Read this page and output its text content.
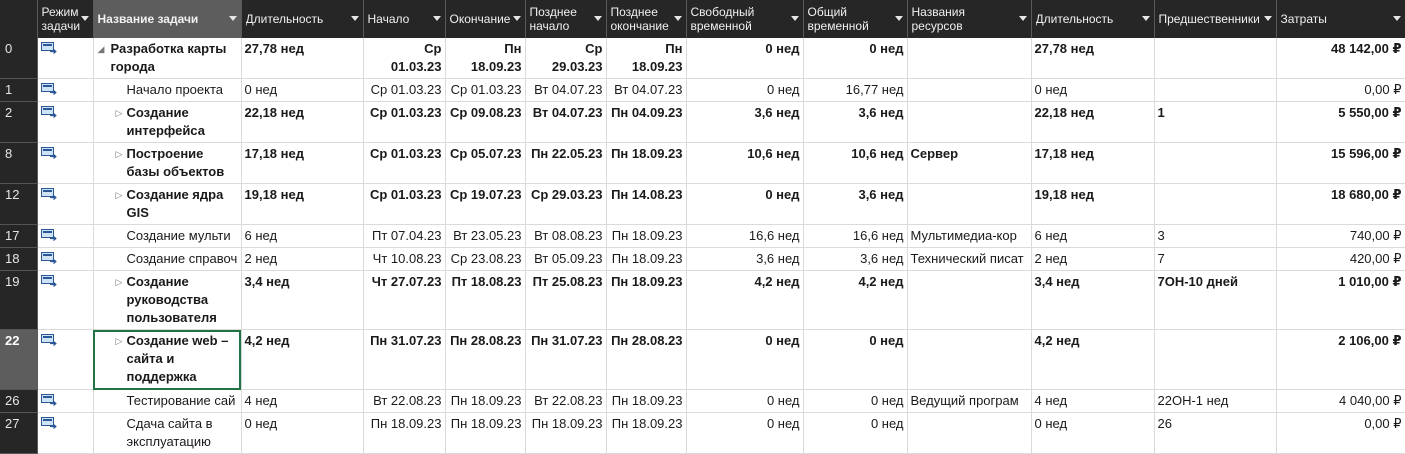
	Режим задачи	Название задачи	Длительность	Начало	Окончание	Позднее начало	Позднее окончание	Свободный временной	Общий временной	Названия ресурсов	Длительность	Предшественники	Затраты

0		◢ Разработка карты города	27,78 нед	Ср 01.03.23	Пн 18.09.23	Ср 29.03.23	Пн 18.09.23	0 нед	0 нед		27,78 нед		48 142,00 ₽
1		Начало проекта	0 нед	Ср 01.03.23	Ср 01.03.23	Вт 04.07.23	Вт 04.07.23	0 нед	16,77 нед		0 нед		0,00 ₽
2		▷ Создание интерфейса	22,18 нед	Ср 01.03.23	Ср 09.08.23	Вт 04.07.23	Пн 04.09.23	3,6 нед	3,6 нед		22,18 нед	1	5 550,00 ₽
8		▷ Построение базы объектов	17,18 нед	Ср 01.03.23	Ср 05.07.23	Пн 22.05.23	Пн 18.09.23	10,6 нед	10,6 нед	Сервер	17,18 нед		15 596,00 ₽
12		▷ Создание ядра GIS	19,18 нед	Ср 01.03.23	Ср 19.07.23	Ср 29.03.23	Пн 14.08.23	0 нед	3,6 нед		19,18 нед		18 680,00 ₽
17		Создание мульти	6 нед	Пт 07.04.23	Вт 23.05.23	Вт 08.08.23	Пн 18.09.23	16,6 нед	16,6 нед	Мультимедиа-кор	6 нед	3	740,00 ₽
18		Создание справоч	2 нед	Чт 10.08.23	Ср 23.08.23	Вт 05.09.23	Пн 18.09.23	3,6 нед	3,6 нед	Технический писат	2 нед	7	420,00 ₽
19		▷ Создание руководства пользователя	3,4 нед	Чт 27.07.23	Пт 18.08.23	Пт 25.08.23	Пн 18.09.23	4,2 нед	4,2 нед		3,4 нед	7ОН-10 дней	1 010,00 ₽
22		▷ Создание web – сайта и поддержка	4,2 нед	Пн 31.07.23	Пн 28.08.23	Пн 31.07.23	Пн 28.08.23	0 нед	0 нед		4,2 нед		2 106,00 ₽
26		Тестирование сай	4 нед	Вт 22.08.23	Пн 18.09.23	Вт 22.08.23	Пн 18.09.23	0 нед	0 нед	Ведущий програм	4 нед	22ОН-1 нед	4 040,00 ₽
27		Сдача сайта в эксплуатацию	0 нед	Пн 18.09.23	Пн 18.09.23	Пн 18.09.23	Пн 18.09.23	0 нед	0 нед		0 нед	26	0,00 ₽
